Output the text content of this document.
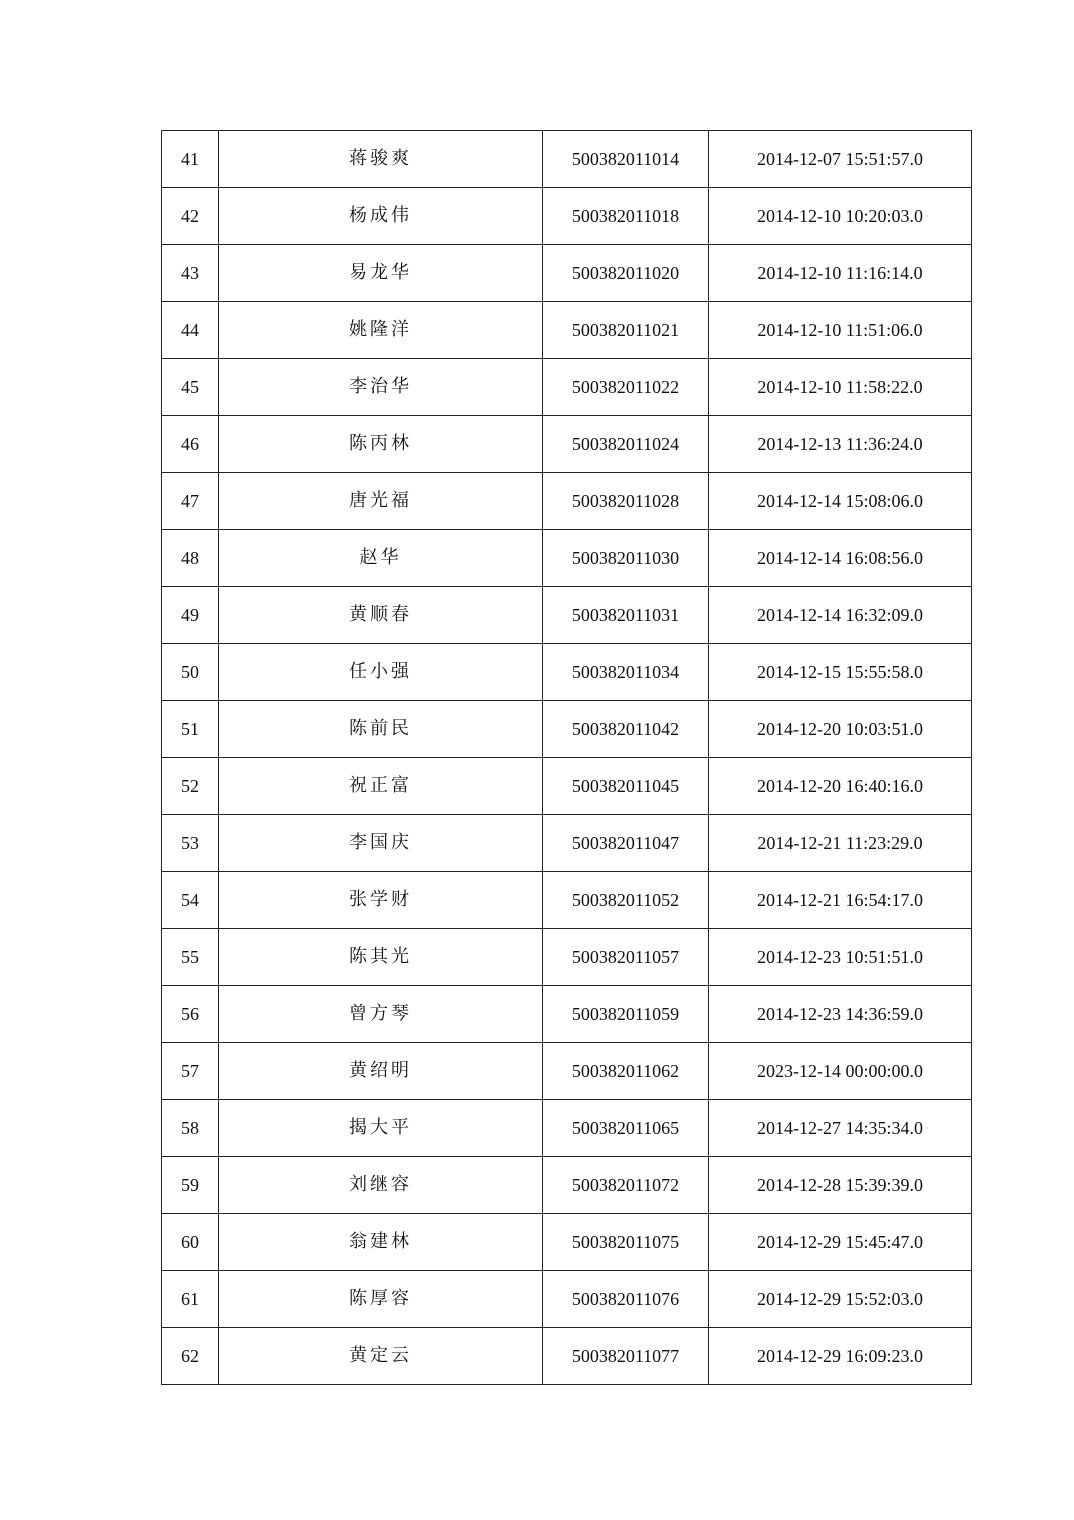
41	蒋骏爽	500382011014	2014-12-07 15:51:57.0
42	杨成伟	500382011018	2014-12-10 10:20:03.0
43	易龙华	500382011020	2014-12-10 11:16:14.0
44	姚隆洋	500382011021	2014-12-10 11:51:06.0
45	李治华	500382011022	2014-12-10 11:58:22.0
46	陈丙林	500382011024	2014-12-13 11:36:24.0
47	唐光福	500382011028	2014-12-14 15:08:06.0
48	赵华	500382011030	2014-12-14 16:08:56.0
49	黄顺春	500382011031	2014-12-14 16:32:09.0
50	任小强	500382011034	2014-12-15 15:55:58.0
51	陈前民	500382011042	2014-12-20 10:03:51.0
52	祝正富	500382011045	2014-12-20 16:40:16.0
53	李国庆	500382011047	2014-12-21 11:23:29.0
54	张学财	500382011052	2014-12-21 16:54:17.0
55	陈其光	500382011057	2014-12-23 10:51:51.0
56	曾方琴	500382011059	2014-12-23 14:36:59.0
57	黄绍明	500382011062	2023-12-14 00:00:00.0
58	揭大平	500382011065	2014-12-27 14:35:34.0
59	刘继容	500382011072	2014-12-28 15:39:39.0
60	翁建林	500382011075	2014-12-29 15:45:47.0
61	陈厚容	500382011076	2014-12-29 15:52:03.0
62	黄定云	500382011077	2014-12-29 16:09:23.0
